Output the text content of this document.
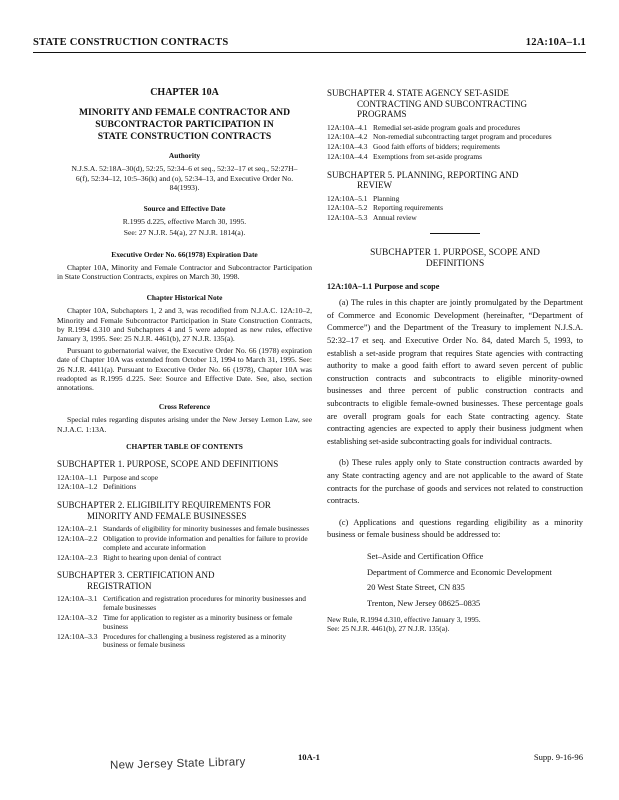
STATE CONSTRUCTION CONTRACTS	12A:10A–1.1
CHAPTER 10A
MINORITY AND FEMALE CONTRACTOR AND
SUBCONTRACTOR PARTICIPATION IN
STATE CONSTRUCTION CONTRACTS
Authority
N.J.S.A. 52:18A–30(d), 52:25, 52:34–6 et seq., 52:32–17 et seq., 52:27H–6(f), 52:34–12, 10:5–36(k) and (o), 52:34–13, and Executive Order No. 84(1993).
Source and Effective Date
R.1995 d.225, effective March 30, 1995.
See: 27 N.J.R. 54(a), 27 N.J.R. 1814(a).
Executive Order No. 66(1978) Expiration Date
Chapter 10A, Minority and Female Contractor and Subcontractor Participation in State Construction Contracts, expires on March 30, 1998.
Chapter Historical Note
Chapter 10A, Subchapters 1, 2 and 3, was recodified from N.J.A.C. 12A:10–2, Minority and Female Subcontractor Participation in State Construction Contracts, by R.1994 d.310 and Subchapters 4 and 5 were adopted as new rules, effective January 3, 1995. See: 25 N.J.R. 4461(b), 27 N.J.R. 135(a).
Pursuant to gubernatorial waiver, the Executive Order No. 66 (1978) expiration date of Chapter 10A was extended from October 13, 1994 to March 31, 1995. See: 26 N.J.R. 4411(a). Pursuant to Executive Order No. 66 (1978), Chapter 10A was readopted as R.1995 d.225. See: Source and Effective Date. See, also, section annotations.
Cross Reference
Special rules regarding disputes arising under the New Jersey Lemon Law, see N.J.A.C. 1:13A.
CHAPTER TABLE OF CONTENTS
SUBCHAPTER 1. PURPOSE, SCOPE AND DEFINITIONS
12A:10A–1.1 Purpose and scope
12A:10A–1.2 Definitions
SUBCHAPTER 2. ELIGIBILITY REQUIREMENTS FOR
MINORITY AND FEMALE BUSINESSES
12A:10A–2.1 Standards of eligibility for minority businesses and female businesses
12A:10A–2.2 Obligation to provide information and penalties for failure to provide complete and accurate information
12A:10A–2.3 Right to hearing upon denial of contract
SUBCHAPTER 3. CERTIFICATION AND
REGISTRATION
12A:10A–3.1 Certification and registration procedures for minority businesses and female businesses
12A:10A–3.2 Time for application to register as a minority business or female business
12A:10A–3.3 Procedures for challenging a business registered as a minority business or female business
SUBCHAPTER 4. STATE AGENCY SET-ASIDE
CONTRACTING AND SUBCONTRACTING
PROGRAMS
12A:10A–4.1 Remedial set-aside program goals and procedures
12A:10A–4.2 Non-remedial subcontracting target program and procedures
12A:10A–4.3 Good faith efforts of bidders; requirements
12A:10A–4.4 Exemptions from set-aside programs
SUBCHAPTER 5. PLANNING, REPORTING AND
REVIEW
12A:10A–5.1 Planning
12A:10A–5.2 Reporting requirements
12A:10A–5.3 Annual review
SUBCHAPTER 1. PURPOSE, SCOPE AND
DEFINITIONS
12A:10A–1.1 Purpose and scope
(a) The rules in this chapter are jointly promulgated by the Department of Commerce and Economic Development (hereinafter, “Department of Commerce”) and the Department of the Treasury to implement N.J.S.A. 52:32–17 et seq. and Executive Order No. 84, dated March 5, 1993, to establish a set-aside program that requires State agencies with contracting authority to make a good faith effort to award seven percent of public construction contracts and subcontracts to eligible minority-owned businesses and three percent of public construction contracts and subcontracts to eligible female-owned businesses. These percentage goals are overall program goals for each State contracting agency. State contracting agencies are expected to apply their business judgment when establishing set-aside subcontracting goals for individual contracts.
(b) These rules apply only to State construction contracts awarded by any State contracting agency and are not applicable to the award of State contracts for the purchase of goods and services not related to construction contracts.
(c) Applications and questions regarding eligibility as a minority business or female business should be addressed to:
Set–Aside and Certification Office
Department of Commerce and Economic Development
20 West State Street, CN 835
Trenton, New Jersey 08625–0835
New Rule, R.1994 d.310, effective January 3, 1995.
See: 25 N.J.R. 4461(b), 27 N.J.R. 135(a).
New Jersey State Library	10A-1	Supp. 9-16-96
